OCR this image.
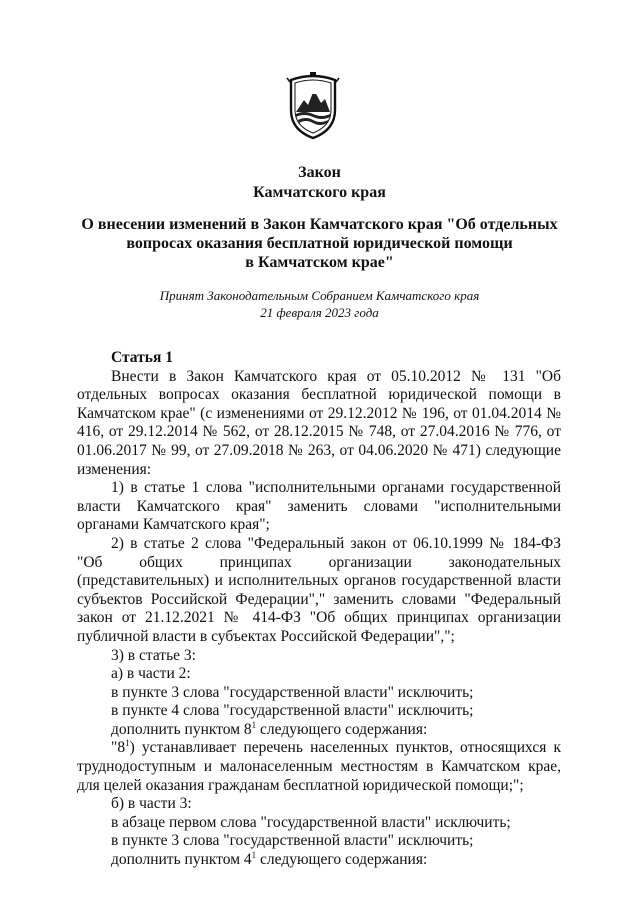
Закон
Камчатского края
О внесении изменений в Закон Камчатского края "Об отдельных
вопросах оказания бесплатной юридической помощи
в Камчатском крае"
Принят Законодательным Собранием Камчатского края
21 февраля 2023 года

Статья 1

Внести в Закон Камчатского края от 05.10.2012 № 131 "Об отдельных вопросах оказания бесплатной юридической помощи в Камчатском крае" (с изменениями от 29.12.2012 № 196, от 01.04.2014 № 416, от 29.12.2014 № 562, от 28.12.2015 № 748, от 27.04.2016 № 776, от 01.06.2017 № 99, от 27.09.2018 № 263, от 04.06.2020 № 471) следующие изменения:

1) в статье 1 слова "исполнительными органами государственной власти Камчатского края" заменить словами "исполнительными органами Камчатского края";

2) в статье 2 слова "Федеральный закон от 06.10.1999 № 184-ФЗ "Об общих принципах организации законодательных (представительных) и исполнительных органов государственной власти субъектов Российской Федерации"," заменить словами "Федеральный закон от 21.12.2021 № 414-ФЗ "Об общих принципах организации публичной власти в субъектах Российской Федерации",";

3) в статье 3:

а) в части 2:

в пункте 3 слова "государственной власти" исключить;

в пункте 4 слова "государственной власти" исключить;

дополнить пунктом $8^1$ следующего содержания:

"$8^1$) устанавливает перечень населенных пунктов, относящихся к труднодоступным и малонаселенным местностям в Камчатском крае, для целей оказания гражданам бесплатной юридической помощи;";

б) в части 3:

в абзаце первом слова "государственной власти" исключить;

в пункте 3 слова "государственной власти" исключить;

дополнить пунктом $4^1$ следующего содержания:
